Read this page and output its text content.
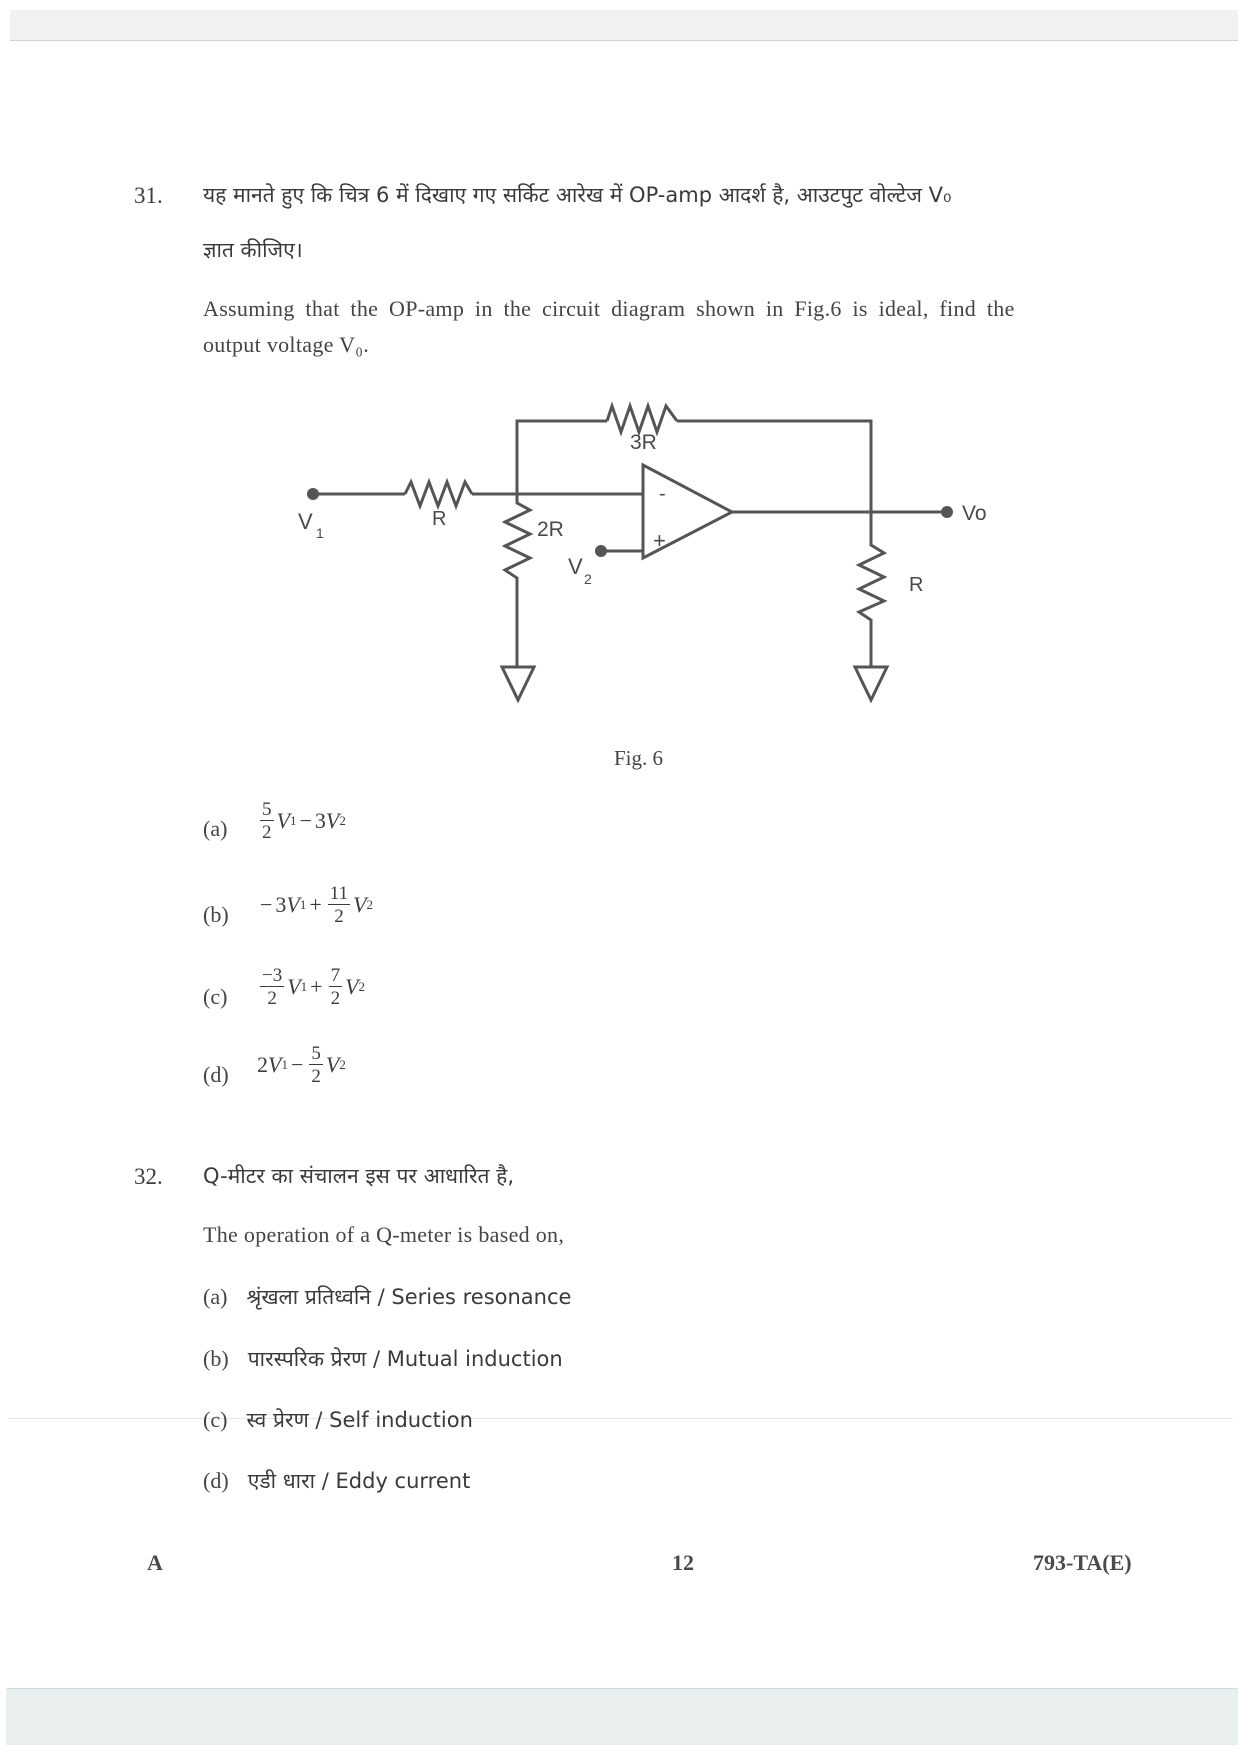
31. यह मानते हुए कि चित्र 6 में दिखाए गए सर्किट आरेख में OP-amp आदर्श है, आउटपुट वोल्टेज V₀
ज्ञात कीजिए।
Assuming that the OP-amp in the circuit diagram shown in Fig.6 is ideal, find the
output voltage V₀.
V 1
R
3R
2R
V 2
-
+
Vo
R
Fig. 6
$(a) \frac{5}{2}$ V 1 − 3 V 2
(b) − 3 V $1 + \frac{11}{2}$ V 2
$(c) \frac{-3}{2}$ V $1 + \frac{7}{2}$ V 2
(d) 2 V $1 - \frac{5}{2}$ V 2
32. Q-मीटर का संचालन इस पर आधारित है,
The operation of a Q-meter is based on,
(a) श्रृंखला प्रतिध्वनि / Series resonance
(b) पारस्परिक प्रेरण / Mutual induction
(c) स्व प्रेरण / Self induction
(d) एडी धारा / Eddy current
A	12	793-TA(E)
